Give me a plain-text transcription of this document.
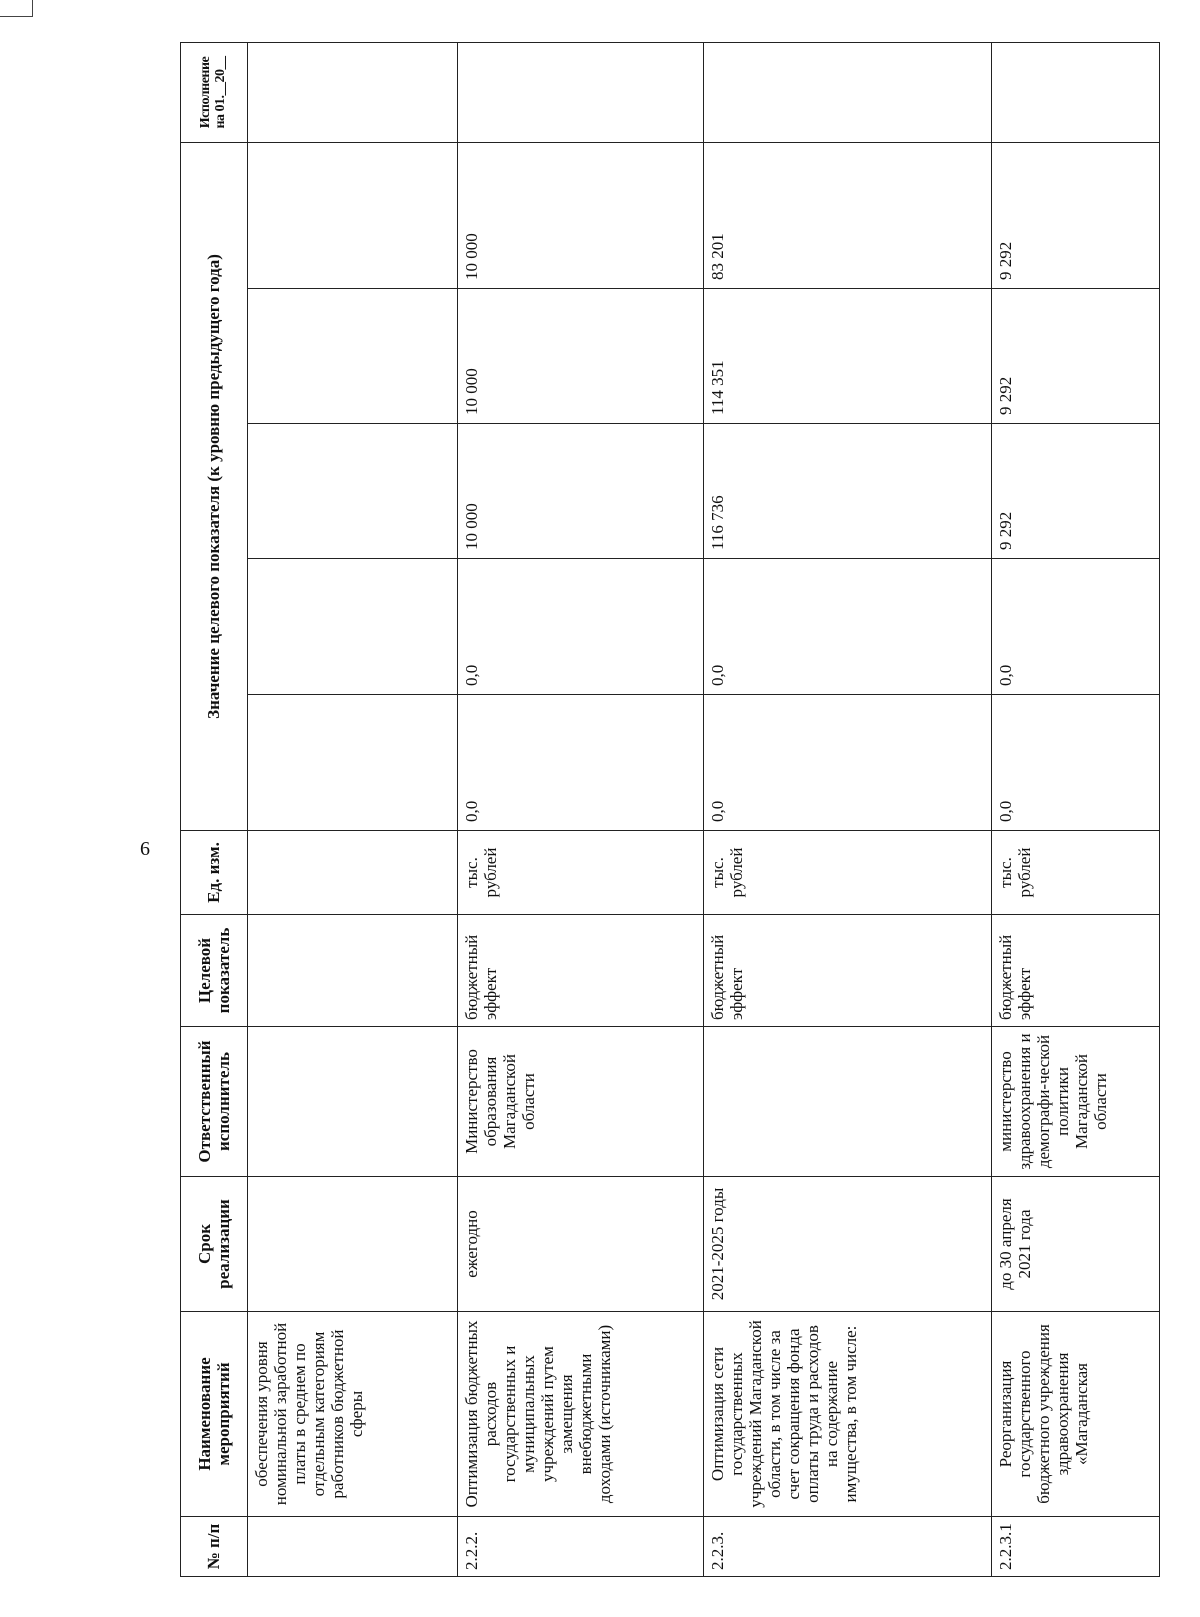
6
№ п/п	Наименование мероприятий	Срок реализации	Ответственный исполнитель	Целевой показатель	Ед. изм.	Значение целевого показателя (к уровню предыдущего года)					Исполнение на 01.__20__
	обеспечения уровня номинальной заработной платы в среднем по отдельным категориям работников бюджетной сферы										
2.2.2.	Оптимизация бюджетных расходов государственных и муниципальных учреждений путем замещения внебюджетными доходами (источниками)	ежегодно	Министерство образования Магаданской области	бюджетный эффект	тыс. рублей	0,0	0,0	10 000	10 000	10 000	
2.2.3.	Оптимизация сети государственных учреждений Магаданской области, в том числе за счет сокращения фонда оплаты труда и расходов на содержание имущества, в том числе:	2021-2025 годы		бюджетный эффект	тыс. рублей	0,0	0,0	116 736	114 351	83 201	
2.2.3.1	Реорганизация государственного бюджетного учреждения здравоохранения «Магаданская	до 30 апреля 2021 года	министерство здравоохранения и демографи-ческой политики Магаданской области	бюджетный эффект	тыс. рублей	0,0	0,0	9 292	9 292	9 292	
